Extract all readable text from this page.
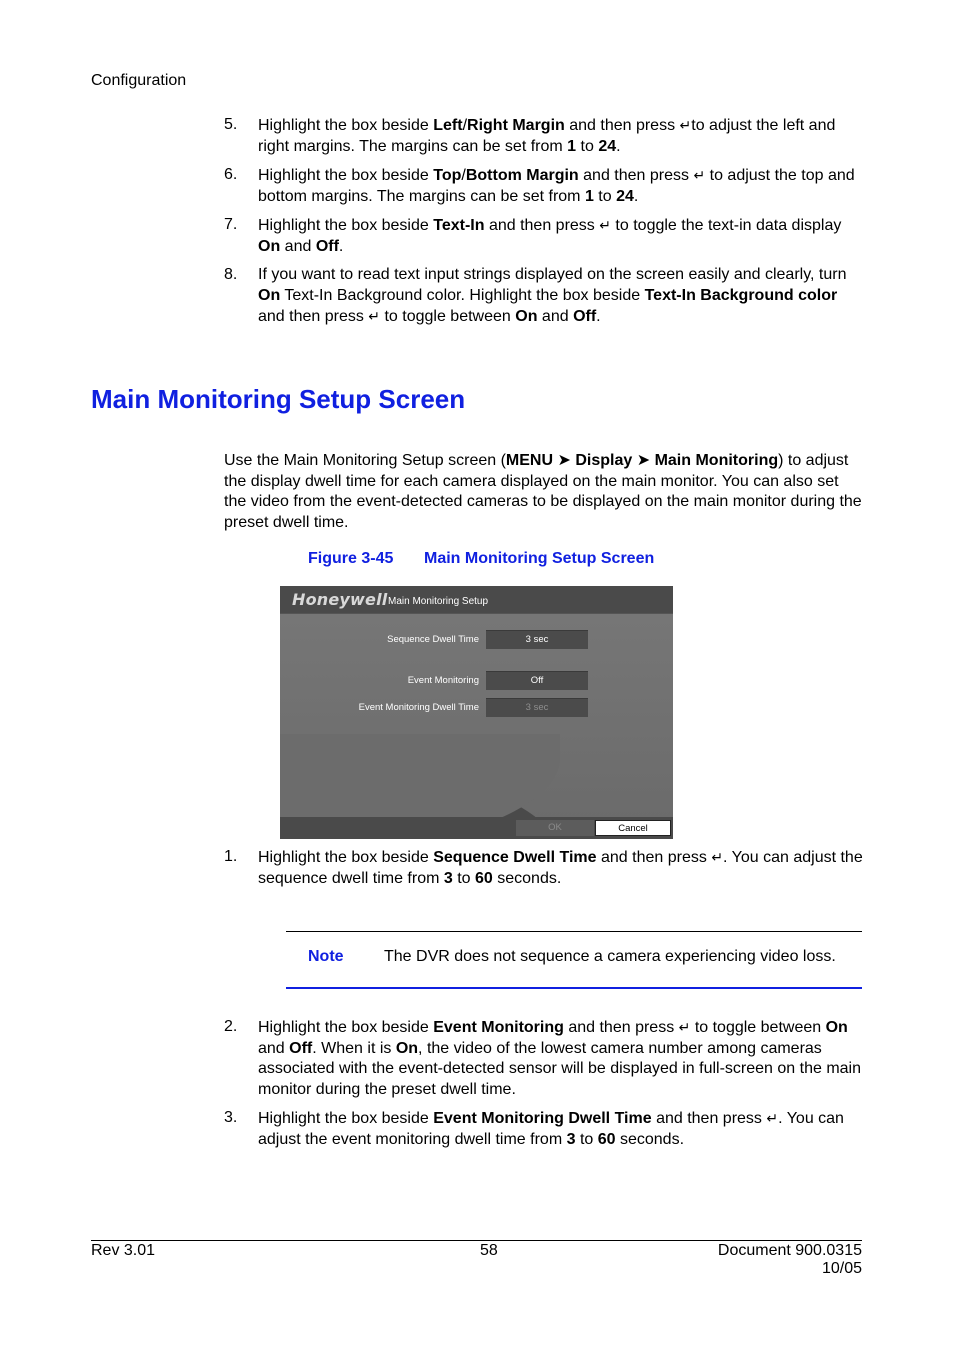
Configuration
5. Highlight the box beside Left/Right Margin and then press ↵to adjust the left and right margins. The margins can be set from 1 to 24.
6. Highlight the box beside Top/Bottom Margin and then press ↵ to adjust the top and bottom margins. The margins can be set from 1 to 24.
7. Highlight the box beside Text-In and then press ↵ to toggle the text-in data display On and Off.
8. If you want to read text input strings displayed on the screen easily and clearly, turn On Text-In Background color. Highlight the box beside Text-In Background color and then press ↵ to toggle between On and Off.
Main Monitoring Setup Screen
Use the Main Monitoring Setup screen (MENU ➤ Display ➤ Main Monitoring) to adjust the display dwell time for each camera displayed on the main monitor. You can also set the video from the event-detected cameras to be displayed on the main monitor during the preset dwell time.
Figure 3-45 Main Monitoring Setup Screen
Honeywell Main Monitoring Setup
Sequence Dwell Time	3 sec
Event Monitoring	Off
Event Monitoring Dwell Time	3 sec
OK	Cancel
1. Highlight the box beside Sequence Dwell Time and then press ↵. You can adjust the sequence dwell time from 3 to 60 seconds.
Note	The DVR does not sequence a camera experiencing video loss.
2. Highlight the box beside Event Monitoring and then press ↵ to toggle between On and Off. When it is On, the video of the lowest camera number among cameras associated with the event-detected sensor will be displayed in full-screen on the main monitor during the preset dwell time.
3. Highlight the box beside Event Monitoring Dwell Time and then press ↵. You can adjust the event monitoring dwell time from 3 to 60 seconds.
Rev 3.01	58	Document 900.0315
10/05
